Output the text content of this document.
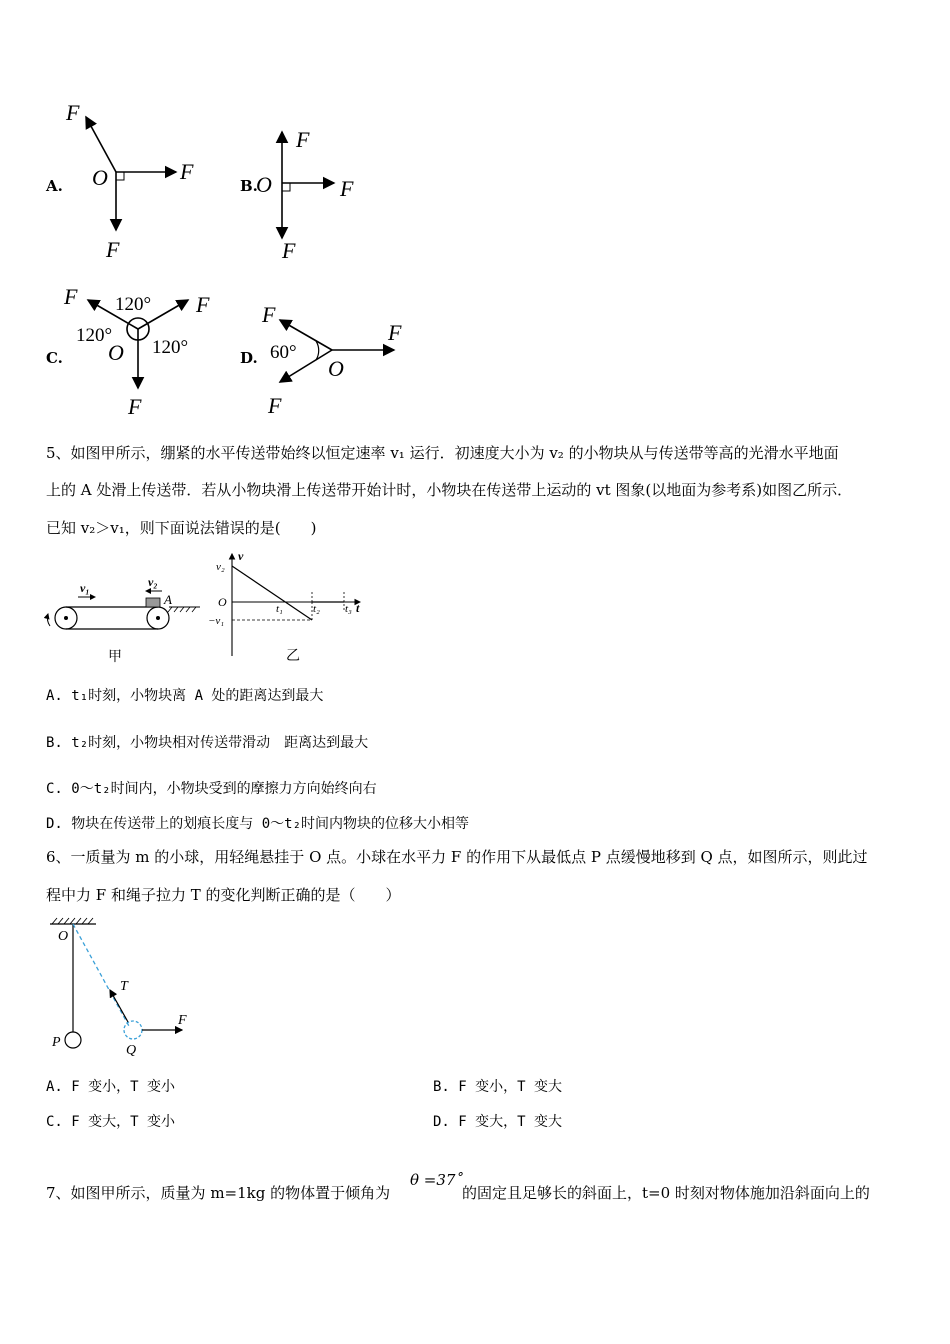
A.
F
F
F
O	B.
F
F
F
O
C.
F	F
F
O
120°
120°
120°	D.
F
F
F
O
60°
5、如图甲所示，绷紧的水平传送带始终以恒定速率 v₁ 运行．初速度大小为 v₂ 的小物块从与传送带等高的光滑水平地面
上的 A 处滑上传送带．若从小物块滑上传送带开始计时，小物块在传送带上运动的 vt 图象(以地面为参考系)如图乙所示．
已知 v₂＞v₁，则下面说法错误的是(　　)
v₁	v₂
A
甲
v
v₂
O
−v₁
t₁	t₂ t₃ t
乙
A. t₁时刻，小物块离 A 处的距离达到最大
B. t₂时刻，小物块相对传送带滑动　距离达到最大
C. 0～t₂时间内，小物块受到的摩擦力方向始终向右
D. 物块在传送带上的划痕长度与 0～t₂时间内物块的位移大小相等
6、一质量为 m 的小球，用轻绳悬挂于 O 点。小球在水平力 F 的作用下从最低点 P 点缓慢地移到 Q 点，如图所示，则此过
程中力 F 和绳子拉力 T 的变化判断正确的是（　　）
O
T
F
P
Q
A. F 变小，T 变小	B. F 变小，T 变大
C. F 变大，T 变小	D. F 变大，T 变大
7、如图甲所示，质量为 m=1kg 的物体置于倾角为
θ =37˚
的固定且足够长的斜面上，t=0 时刻对物体施加沿斜面向上的
